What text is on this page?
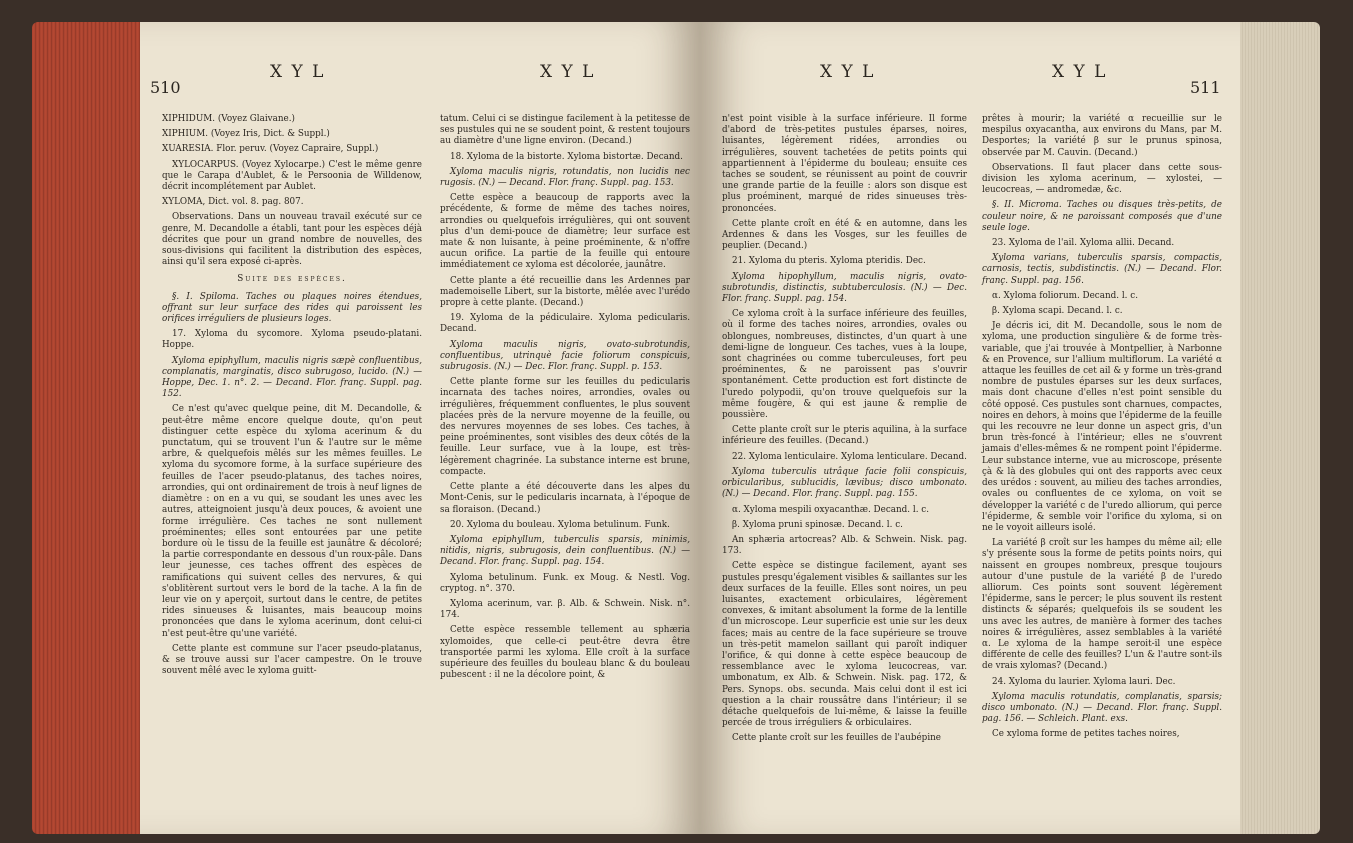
510
X Y L	X Y L

XIPHIDUM. (Voyez Glaivane.)

XIPHIUM. (Voyez Iris, Dict. & Suppl.)

XUARESIA. Flor. peruv. (Voyez Capraire, Suppl.)

XYLOCARPUS. (Voyez Xylocarpe.) C'est le même genre que le Carapa d'Aublet, & le Persoonia de Willdenow, décrit incomplétement par Aublet.

XYLOMA, Dict. vol. 8. pag. 807.

Observations. Dans un nouveau travail exécuté sur ce genre, M. Decandolle a établi, tant pour les espèces déjà décrites que pour un grand nombre de nouvelles, des sous-divisions qui facilitent la distribution des espèces, ainsi qu'il sera exposé ci-après.

Suite des espèces.

§. I. Spiloma. Taches ou plaques noires étendues, offrant sur leur surface des rides qui paroissent les orifices irréguliers de plusieurs loges.

17. Xyloma du sycomore. Xyloma pseudo-platani. Hoppe.

Xyloma epiphyllum, maculis nigris sæpè confluentibus, complanatis, marginatis, disco subrugoso, lucido. (N.) — Hoppe, Dec. 1. n°. 2. — Decand. Flor. franç. Suppl. pag. 152.

Ce n'est qu'avec quelque peine, dit M. Decandolle, & peut-être même encore quelque doute, qu'on peut distinguer cette espèce du xyloma acerinum & du punctatum, qui se trouvent l'un & l'autre sur le même arbre, & quelquefois mêlés sur les mêmes feuilles. Le xyloma du sycomore forme, à la surface supérieure des feuilles de l'acer pseudo-platanus, des taches noires, arrondies, qui ont ordinairement de trois à neuf lignes de diamètre : on en a vu qui, se soudant les unes avec les autres, atteignoient jusqu'à deux pouces, & avoient une forme irrégulière. Ces taches ne sont nullement proéminentes; elles sont entourées par une petite bordure où le tissu de la feuille est jaunâtre & décoloré; la partie correspondante en dessous d'un roux-pâle. Dans leur jeunesse, ces taches offrent des espèces de ramifications qui suivent celles des nervures, & qui s'oblitèrent surtout vers le bord de la tache. A la fin de leur vie on y aperçoit, surtout dans le centre, de petites rides sinueuses & luisantes, mais beaucoup moins prononcées que dans le xyloma acerinum, dont celui-ci n'est peut-être qu'une variété.

Cette plante est commune sur l'acer pseudo-platanus, & se trouve aussi sur l'acer campestre. On le trouve souvent mêlé avec le xyloma guitt-

tatum. Celui ci se distingue facilement à la petitesse de ses pustules qui ne se soudent point, & restent toujours au diamètre d'une ligne environ. (Decand.)

18. Xyloma de la bistorte. Xyloma bistortæ. Decand.

Xyloma maculis nigris, rotundatis, non lucidis nec rugosis. (N.) — Decand. Flor. franç. Suppl. pag. 153.

Cette espèce a beaucoup de rapports avec la précédente, & forme de même des taches noires, arrondies ou quelquefois irrégulières, qui ont souvent plus d'un demi-pouce de diamètre; leur surface est mate & non luisante, à peine proéminente, & n'offre aucun orifice. La partie de la feuille qui entoure immédiatement ce xyloma est décolorée, jaunâtre.

Cette plante a été recueillie dans les Ardennes par mademoiselle Libert, sur la bistorte, mêlée avec l'urédo propre à cette plante. (Decand.)

19. Xyloma de la pédiculaire. Xyloma pedicularis. Decand.

Xyloma maculis nigris, ovato-subrotundis, confluentibus, utrinquè facie foliorum conspicuis, subrugosis. (N.) — Dec. Flor. franç. Suppl. p. 153.

Cette plante forme sur les feuilles du pedicularis incarnata des taches noires, arrondies, ovales ou irrégulières, fréquemment confluentes, le plus souvent placées près de la nervure moyenne de la feuille, ou des nervures moyennes de ses lobes. Ces taches, à peine proéminentes, sont visibles des deux côtés de la feuille. Leur surface, vue à la loupe, est très-légèrement chagrinée. La substance interne est brune, compacte.

Cette plante a été découverte dans les alpes du Mont-Cenis, sur le pedicularis incarnata, à l'époque de sa floraison. (Decand.)

20. Xyloma du bouleau. Xyloma betulinum. Funk.

Xyloma epiphyllum, tuberculis sparsis, minimis, nitidis, nigris, subrugosis, dein confluentibus. (N.) — Decand. Flor. franç. Suppl. pag. 154.

Xyloma betulinum. Funk. ex Moug. & Nestl. Vog. cryptog. n°. 370.

Xyloma acerinum, var. β. Alb. & Schwein. Nisk. n°. 174.

Cette espèce ressemble tellement au sphæria xylomoides, que celle-ci peut-être devra être transportée parmi les xyloma. Elle croît à la surface supérieure des feuilles du bouleau blanc & du bouleau pubescent : il ne la décolore point, &

X Y L	X Y L
511

n'est point visible à la surface inférieure. Il forme d'abord de très-petites pustules éparses, noires, luisantes, légèrement ridées, arrondies ou irrégulières, souvent tachetées de petits points qui appartiennent à l'épiderme du bouleau; ensuite ces taches se soudent, se réunissent au point de couvrir une grande partie de la feuille : alors son disque est plus proéminent, marqué de rides sinueuses très-prononcées.

Cette plante croît en été & en automne, dans les Ardennes & dans les Vosges, sur les feuilles de peuplier. (Decand.)

21. Xyloma du pteris. Xyloma pteridis. Dec.

Xyloma hipophyllum, maculis nigris, ovato-subrotundis, distinctis, subtuberculosis. (N.) — Dec. Flor. franç. Suppl. pag. 154.

Ce xyloma croît à la surface inférieure des feuilles, où il forme des taches noires, arrondies, ovales ou oblongues, nombreuses, distinctes, d'un quart à une demi-ligne de longueur. Ces taches, vues à la loupe, sont chagrinées ou comme tuberculeuses, fort peu proéminentes, & ne paroissent pas s'ouvrir spontanément. Cette production est fort distincte de l'uredo polypodii, qu'on trouve quelquefois sur la même fougère, & qui est jaune & remplie de poussière.

Cette plante croît sur le pteris aquilina, à la surface inférieure des feuilles. (Decand.)

22. Xyloma lenticulaire. Xyloma lenticulare. Decand.

Xyloma tuberculis utrâque facie folii conspicuis, orbicularibus, sublucidis, lævibus; disco umbonato. (N.) — Decand. Flor. franç. Suppl. pag. 155.

α. Xyloma mespili oxyacanthæ. Decand. l. c.

β. Xyloma pruni spinosæ. Decand. l. c.

An sphæria artocreas? Alb. & Schwein. Nisk. pag. 173.

Cette espèce se distingue facilement, ayant ses pustules presqu'également visibles & saillantes sur les deux surfaces de la feuille. Elles sont noires, un peu luisantes, exactement orbiculaires, légèrement convexes, & imitant absolument la forme de la lentille d'un microscope. Leur superficie est unie sur les deux faces; mais au centre de la face supérieure se trouve un très-petit mamelon saillant qui paroît indiquer l'orifice, & qui donne à cette espèce beaucoup de ressemblance avec le xyloma leucocreas, var. umbonatum, ex Alb. & Schwein. Nisk. pag. 172, & Pers. Synops. obs. secunda. Mais celui dont il est ici question a la chair roussâtre dans l'intérieur; il se détache quelquefois de lui-même, & laisse la feuille percée de trous irréguliers & orbiculaires.

Cette plante croît sur les feuilles de l'aubépine

prêtes à mourir; la variété α recueillie sur le mespilus oxyacantha, aux environs du Mans, par M. Desportes; la variété β sur le prunus spinosa, observée par M. Cauvin. (Decand.)

Observations. Il faut placer dans cette sous-division les xyloma acerinum, — xylostei, — leucocreas, — andromedæ, &c.

§. II. Microma. Taches ou disques très-petits, de couleur noire, & ne paroissant composés que d'une seule loge.

23. Xyloma de l'ail. Xyloma allii. Decand.

Xyloma varians, tuberculis sparsis, compactis, carnosis, tectis, subdistinctis. (N.) — Decand. Flor. franç. Suppl. pag. 156.

α. Xyloma foliorum. Decand. l. c.

β. Xyloma scapi. Decand. l. c.

Je décris ici, dit M. Decandolle, sous le nom de xyloma, une production singulière & de forme très-variable, que j'ai trouvée à Montpellier, à Narbonne & en Provence, sur l'allium multiflorum. La variété α attaque les feuilles de cet ail & y forme un très-grand nombre de pustules éparses sur les deux surfaces, mais dont chacune d'elles n'est point sensible du côté opposé. Ces pustules sont charnues, compactes, noires en dehors, à moins que l'épiderme de la feuille qui les recouvre ne leur donne un aspect gris, d'un brun très-foncé à l'intérieur; elles ne s'ouvrent jamais d'elles-mêmes & ne rompent point l'épiderme. Leur substance interne, vue au microscope, présente çà & là des globules qui ont des rapports avec ceux des urédos : souvent, au milieu des taches arrondies, ovales ou confluentes de ce xyloma, on voit se développer la variété c de l'uredo alliorum, qui perce l'épiderme, & semble voir l'orifice du xyloma, si on ne le voyoit ailleurs isolé.

La variété β croît sur les hampes du même ail; elle s'y présente sous la forme de petits points noirs, qui naissent en groupes nombreux, presque toujours autour d'une pustule de la variété β de l'uredo alliorum. Ces points sont souvent légèrement l'épiderme, sans le percer; le plus souvent ils restent distincts & séparés; quelquefois ils se soudent les uns avec les autres, de manière à former des taches noires & irrégulières, assez semblables à la variété α. Le xyloma de la hampe seroit-il une espèce différente de celle des feuilles? L'un & l'autre sont-ils de vrais xylomas? (Decand.)

24. Xyloma du laurier. Xyloma lauri. Dec.

Xyloma maculis rotundatis, complanatis, sparsis; disco umbonato. (N.) — Decand. Flor. franç. Suppl. pag. 156. — Schleich. Plant. exs.

Ce xyloma forme de petites taches noires,
